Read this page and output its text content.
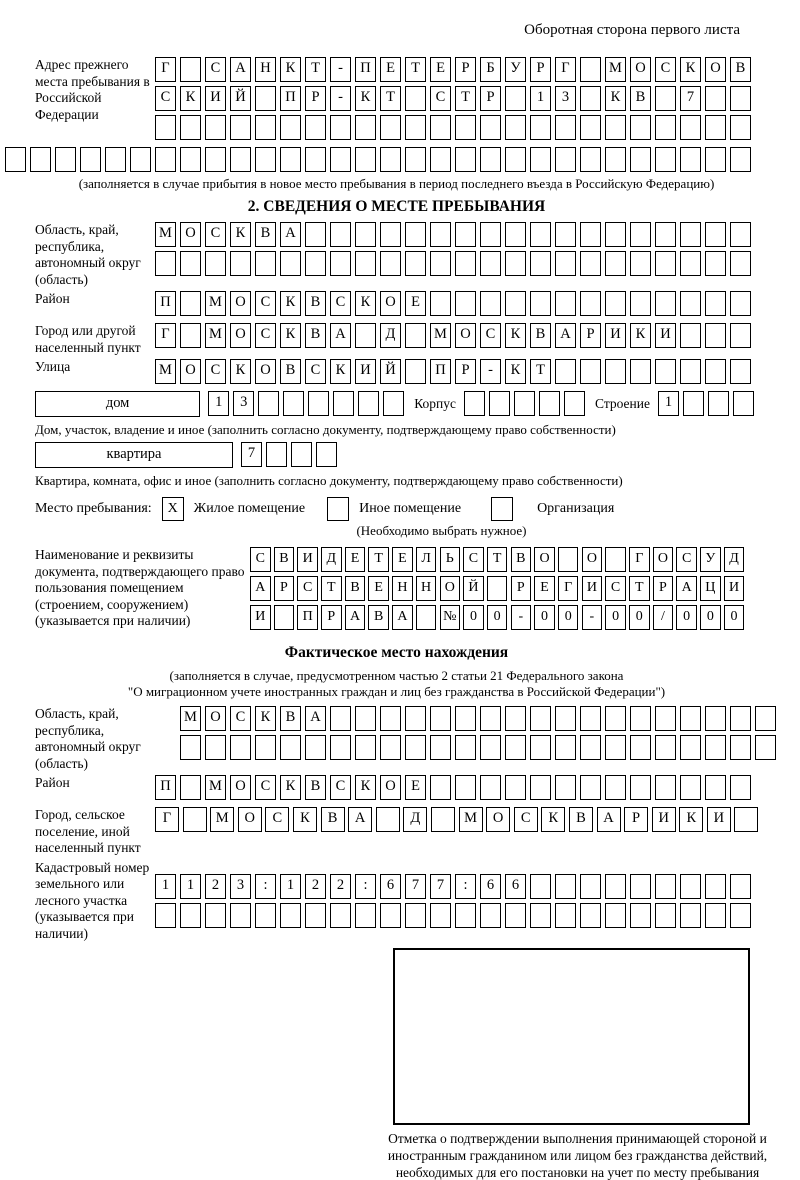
Оборотная сторона первого листа
Адрес прежнего места пребывания в Российской Федерации
Г	С	А	Н	К	Т	-	П	Е	Т	Е	Р	Б	У	Р	Г	М О	С	К	О	В
С	К	И	Й	П	Р	-	К	Т	С	Т	Р	1	3	К	В	7
(заполняется в случае прибытия в новое место пребывания в период последнего въезда в Российскую Федерацию)
2. СВЕДЕНИЯ О МЕСТЕ ПРЕБЫВАНИЯ
Область, край, республика, автономный округ (область)
М О	С	К	В	А
Район	П	М О	С	К	В	С	К	О	Е
Город или другой населенный пункт
Г	М О	С	К	В	А	Д	М О	С	К	В	А	Р	И	К	И
Улица	М О	С	К	О	В	С	К	И	Й	П	Р	-	К	Т
дом	1	3	Корпус	Строение	1
Дом, участок, владение и иное (заполнить согласно документу, подтверждающему право собственности)
квартира	7
Квартира, комната, офис и иное (заполнить согласно документу, подтверждающему право собственности)
Место пребывания:	X	Жилое помещение	Иное помещение	Организация
(Необходимо выбрать нужное)
Наименование и реквизиты документа, подтверждающего право пользования помещением (строением, сооружением) (указывается при наличии)
С	В И Д	Е	Т	Е	Л	Ь	С	Т	В О	О	Г	О С	У Д
А	Р	С	Т	В	Е	Н Н О Й	Р	Е	Г	И С	Т	Р	А Ц И
И	П	Р	А В А	№ 0	0	-	0	0	-	0	0	/	0	0	0
Фактическое место нахождения
(заполняется в случае, предусмотренном частью 2 статьи 21 Федерального закона
"О миграционном учете иностранных граждан и лиц без гражданства в Российской Федерации")
Область, край, республика, автономный округ (область)
М О	С	К	В	А
Район	П	М О	С	К	В	С	К	О	Е
Город, сельское поселение, иной населенный пункт
Г	М	О	С	К	В	А	Д	М	О	С	К	В	А	Р	И	К	И
Кадастровый номер земельного или лесного участка (указывается при наличии)
1	1	2	3	:	1	2	2	:	6	7	7	:	6	6
Отметка о подтверждении выполнения принимающей стороной и иностранным гражданином или лицом без гражданства действий, необходимых для его постановки на учет по месту пребывания
